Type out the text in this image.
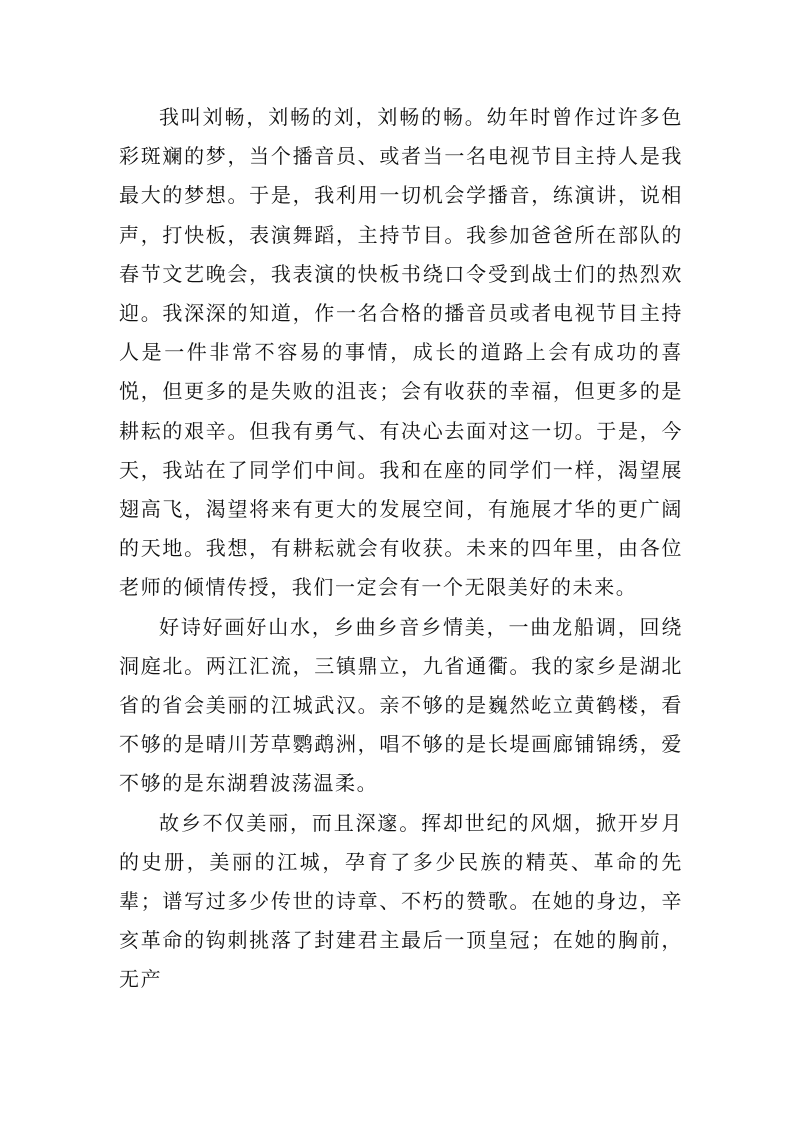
我叫刘畅，刘畅的刘，刘畅的畅。幼年时曾作过许多色彩斑斓的梦，当个播音员、或者当一名电视节目主持人是我最大的梦想。于是，我利用一切机会学播音，练演讲，说相声，打快板，表演舞蹈，主持节目。我参加爸爸所在部队的春节文艺晚会，我表演的快板书绕口令受到战士们的热烈欢迎。我深深的知道，作一名合格的播音员或者电视节目主持人是一件非常不容易的事情，成长的道路上会有成功的喜悦，但更多的是失败的沮丧；会有收获的幸福，但更多的是耕耘的艰辛。但我有勇气、有决心去面对这一切。于是，今天，我站在了同学们中间。我和在座的同学们一样，渴望展翅高飞，渴望将来有更大的发展空间，有施展才华的更广阔的天地。我想，有耕耘就会有收获。未来的四年里，由各位老师的倾情传授，我们一定会有一个无限美好的未来。

好诗好画好山水，乡曲乡音乡情美，一曲龙船调，回绕洞庭北。两江汇流，三镇鼎立，九省通衢。我的家乡是湖北省的省会美丽的江城武汉。亲不够的是巍然屹立黄鹤楼，看不够的是晴川芳草鹦鹉洲，唱不够的是长堤画廊铺锦绣，爱不够的是东湖碧波荡温柔。

故乡不仅美丽，而且深邃。挥却世纪的风烟，掀开岁月的史册，美丽的江城，孕育了多少民族的精英、革命的先辈；谱写过多少传世的诗章、不朽的赞歌。在她的身边，辛亥革命的钩刺挑落了封建君主最后一顶皇冠；在她的胸前，无产
